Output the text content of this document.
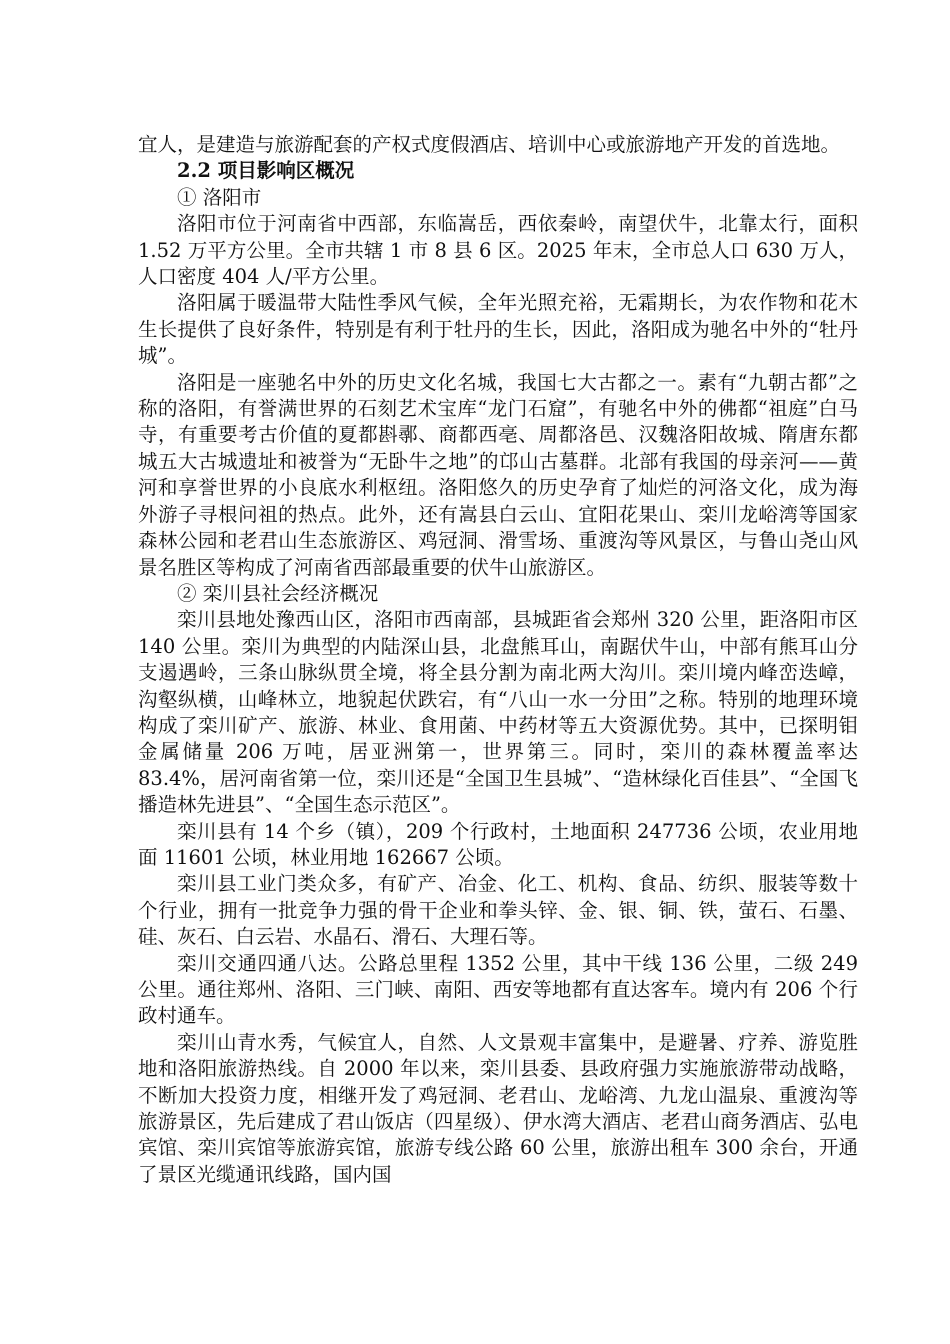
宜人，是建造与旅游配套的产权式度假酒店、培训中心或旅游地产开发的首选地。

2.2 项目影响区概况

① 洛阳市

洛阳市位于河南省中西部，东临嵩岳，西依秦岭，南望伏牛，北靠太行，面积 1.52 万平方公里。全市共辖 1 市 8 县 6 区。2025 年末，全市总人口 630 万人，人口密度 404 人/平方公里。

洛阳属于暖温带大陆性季风气候，全年光照充裕，无霜期长，为农作物和花木生长提供了良好条件，特别是有利于牡丹的生长，因此，洛阳成为驰名中外的“牡丹城”。

洛阳是一座驰名中外的历史文化名城，我国七大古都之一。素有“九朝古都”之称的洛阳，有誉满世界的石刻艺术宝库“龙门石窟”，有驰名中外的佛都“祖庭”白马寺，有重要考古价值的夏都斟鄩、商都西亳、周都洛邑、汉魏洛阳故城、隋唐东都城五大古城遗址和被誉为“无卧牛之地”的邙山古墓群。北部有我国的母亲河——黄河和享誉世界的小良底水利枢纽。洛阳悠久的历史孕育了灿烂的河洛文化，成为海外游子寻根问祖的热点。此外，还有嵩县白云山、宜阳花果山、栾川龙峪湾等国家森林公园和老君山生态旅游区、鸡冠洞、滑雪场、重渡沟等风景区，与鲁山尧山风景名胜区等构成了河南省西部最重要的伏牛山旅游区。

② 栾川县社会经济概况

栾川县地处豫西山区，洛阳市西南部，县城距省会郑州 320 公里，距洛阳市区 140 公里。栾川为典型的内陆深山县，北盘熊耳山，南踞伏牛山，中部有熊耳山分支遏遇岭，三条山脉纵贯全境，将全县分割为南北两大沟川。栾川境内峰峦迭嶂，沟壑纵横，山峰林立，地貌起伏跌宕，有“八山一水一分田”之称。特别的地理环境构成了栾川矿产、旅游、林业、食用菌、中药材等五大资源优势。其中，已探明钼金属储量 206 万吨，居亚洲第一，世界第三。同时，栾川的森林覆盖率达 83.4%，居河南省第一位，栾川还是“全国卫生县城”、“造林绿化百佳县”、“全国飞播造林先进县”、“全国生态示范区”。

栾川县有 14 个乡（镇），209 个行政村，土地面积 247736 公顷，农业用地面 11601 公顷，林业用地 162667 公顷。

栾川县工业门类众多，有矿产、冶金、化工、机构、食品、纺织、服装等数十个行业，拥有一批竞争力强的骨干企业和拳头锌、金、银、铜、铁，萤石、石墨、硅、灰石、白云岩、水晶石、滑石、大理石等。

栾川交通四通八达。公路总里程 1352 公里，其中干线 136 公里，二级 249 公里。通往郑州、洛阳、三门峡、南阳、西安等地都有直达客车。境内有 206 个行政村通车。

栾川山青水秀，气候宜人，自然、人文景观丰富集中，是避暑、疗养、游览胜地和洛阳旅游热线。自 2000 年以来，栾川县委、县政府强力实施旅游带动战略，不断加大投资力度，相继开发了鸡冠洞、老君山、龙峪湾、九龙山温泉、重渡沟等旅游景区，先后建成了君山饭店（四星级）、伊水湾大酒店、老君山商务酒店、弘电宾馆、栾川宾馆等旅游宾馆，旅游专线公路 60 公里，旅游出租车 300 余台，开通了景区光缆通讯线路，国内国
